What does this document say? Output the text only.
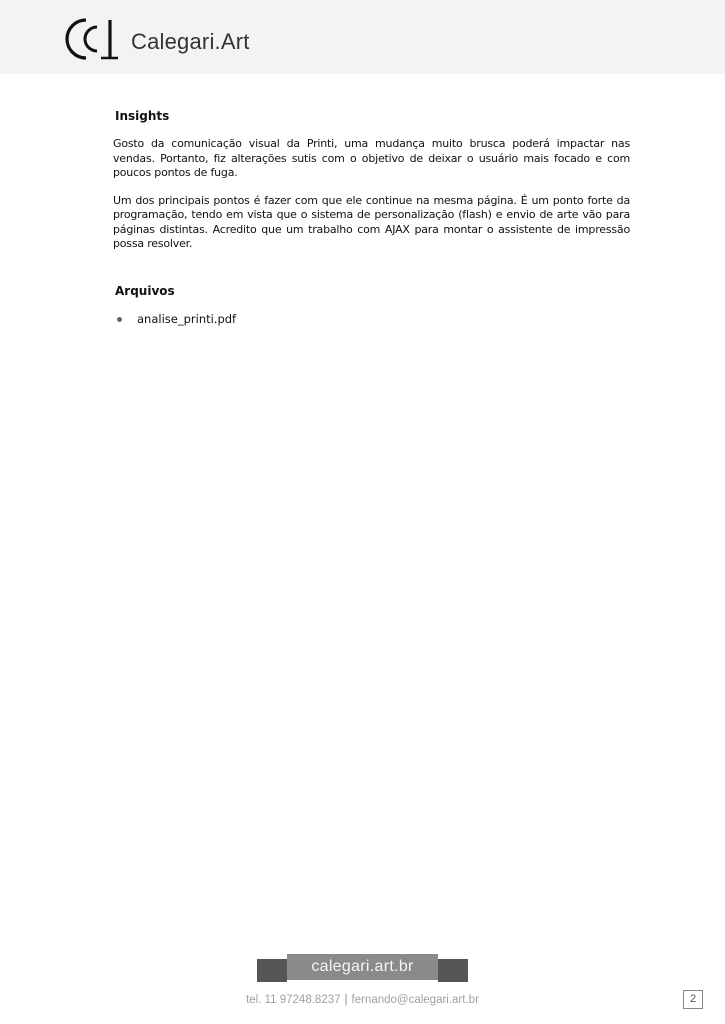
Calegari.Art
Insights

Gosto da comunicação visual da Printi, uma mudança muito brusca poderá impactar nas vendas. Portanto, fiz alterações sutis com o objetivo de deixar o usuário mais focado e com poucos pontos de fuga.

Um dos principais pontos é fazer com que ele continue na mesma página. É um ponto forte da programação, tendo em vista que o sistema de personalização (flash) e envio de arte vão para páginas distintas. Acredito que um trabalho com AJAX para montar o assistente de impressão possa resolver.

Arquivos
analise_printi.pdf
calegari.art.br
tel. 11 97248.8237 | fernando@calegari.art.br	2
